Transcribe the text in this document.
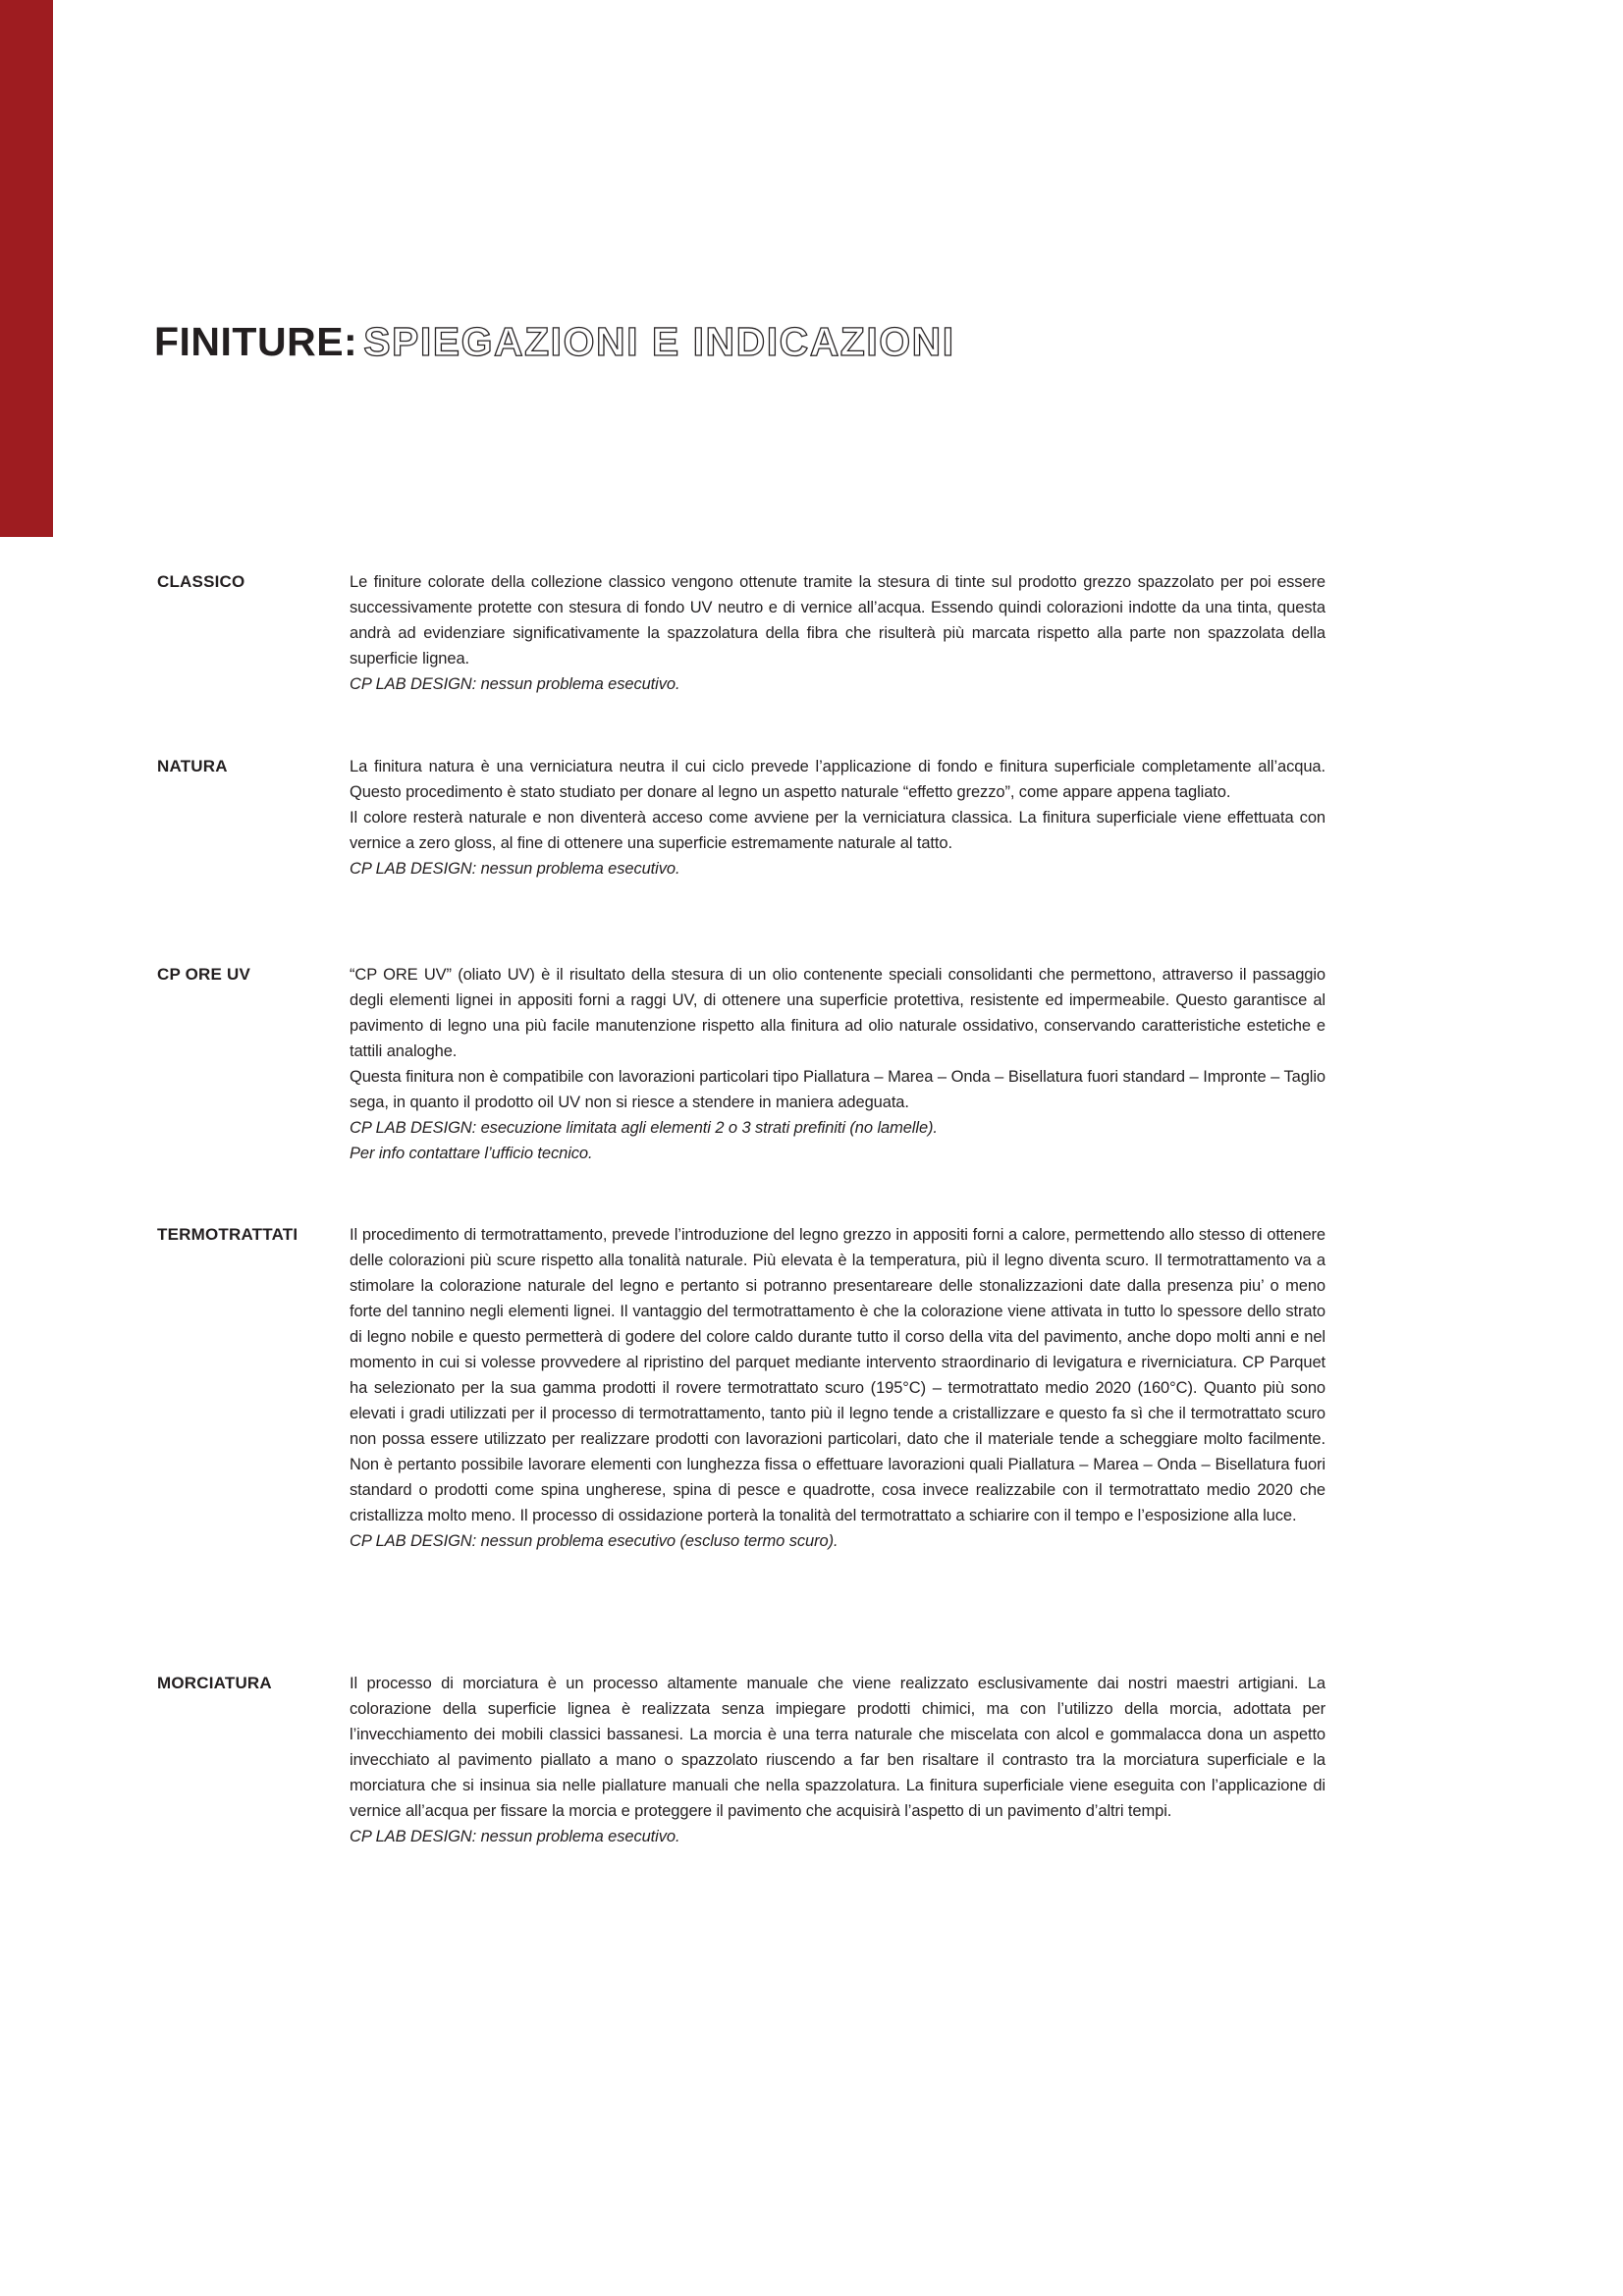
FINITURE: SPIEGAZIONI E INDICAZIONI
CLASSICO	Le finiture colorate della collezione classico vengono ottenute tramite la stesura di tinte sul prodotto grezzo spazzolato per poi essere successivamente protette con stesura di fondo UV neutro e di vernice all’acqua. Essendo quindi colorazioni indotte da una tinta, questa andrà ad evidenziare significativamente la spazzolatura della fibra che risulterà più marcata rispetto alla parte non spazzolata della superficie lignea.

CP LAB DESIGN: nessun problema esecutivo.

NATURA	La finitura natura è una verniciatura neutra il cui ciclo prevede l’applicazione di fondo e finitura superficiale completamente all’acqua. Questo procedimento è stato studiato per donare al legno un aspetto naturale “effetto grezzo”, come appare appena tagliato.

Il colore resterà naturale e non diventerà acceso come avviene per la verniciatura classica. La finitura superficiale viene effettuata con vernice a zero gloss, al fine di ottenere una superficie estremamente naturale al tatto.

CP LAB DESIGN: nessun problema esecutivo.

CP ORE UV	“CP ORE UV” (oliato UV) è il risultato della stesura di un olio contenente speciali consolidanti che permettono, attraverso il passaggio degli elementi lignei in appositi forni a raggi UV, di ottenere una superficie protettiva, resistente ed impermeabile. Questo garantisce al pavimento di legno una più facile manutenzione rispetto alla finitura ad olio naturale ossidativo, conservando caratteristiche estetiche e tattili analoghe.

Questa finitura non è compatibile con lavorazioni particolari tipo Piallatura – Marea – Onda – Bisellatura fuori standard – Impronte – Taglio sega, in quanto il prodotto oil UV non si riesce a stendere in maniera adeguata.

CP LAB DESIGN: esecuzione limitata agli elementi 2 o 3 strati prefiniti (no lamelle).

Per info contattare l’ufficio tecnico.

TERMOTRATTATI	Il procedimento di termotrattamento, prevede l’introduzione del legno grezzo in appositi forni a calore, permettendo allo stesso di ottenere delle colorazioni più scure rispetto alla tonalità naturale. Più elevata è la temperatura, più il legno diventa scuro. Il termotrattamento va a stimolare la colorazione naturale del legno e pertanto si potranno presentareare delle stonalizzazioni date dalla presenza piu’ o meno forte del tannino negli elementi lignei. Il vantaggio del termotrattamento è che la colorazione viene attivata in tutto lo spessore dello strato di legno nobile e questo permetterà di godere del colore caldo durante tutto il corso della vita del pavimento, anche dopo molti anni e nel momento in cui si volesse provvedere al ripristino del parquet mediante intervento straordinario di levigatura e riverniciatura. CP Parquet ha selezionato per la sua gamma prodotti il rovere termotrattato scuro (195°C) – termotrattato medio 2020 (160°C). Quanto più sono elevati i gradi utilizzati per il processo di termotrattamento, tanto più il legno tende a cristallizzare e questo fa sì che il termotrattato scuro non possa essere utilizzato per realizzare prodotti con lavorazioni particolari, dato che il materiale tende a scheggiare molto facilmente. Non è pertanto possibile lavorare elementi con lunghezza fissa o effettuare lavorazioni quali Piallatura – Marea – Onda – Bisellatura fuori standard o prodotti come spina ungherese, spina di pesce e quadrotte, cosa invece realizzabile con il termotrattato medio 2020 che cristallizza molto meno. Il processo di ossidazione porterà la tonalità del termotrattato a schiarire con il tempo e l’esposizione alla luce.

CP LAB DESIGN: nessun problema esecutivo (escluso termo scuro).

MORCIATURA	Il processo di morciatura è un processo altamente manuale che viene realizzato esclusivamente dai nostri maestri artigiani. La colorazione della superficie lignea è realizzata senza impiegare prodotti chimici, ma con l’utilizzo della morcia, adottata per l’invecchiamento dei mobili classici bassanesi. La morcia è una terra naturale che miscelata con alcol e gommalacca dona un aspetto invecchiato al pavimento piallato a mano o spazzolato riuscendo a far ben risaltare il contrasto tra la morciatura superficiale e la morciatura che si insinua sia nelle piallature manuali che nella spazzolatura. La finitura superficiale viene eseguita con l’applicazione di vernice all’acqua per fissare la morcia e proteggere il pavimento che acquisirà l’aspetto di un pavimento d’altri tempi.

CP LAB DESIGN: nessun problema esecutivo.
